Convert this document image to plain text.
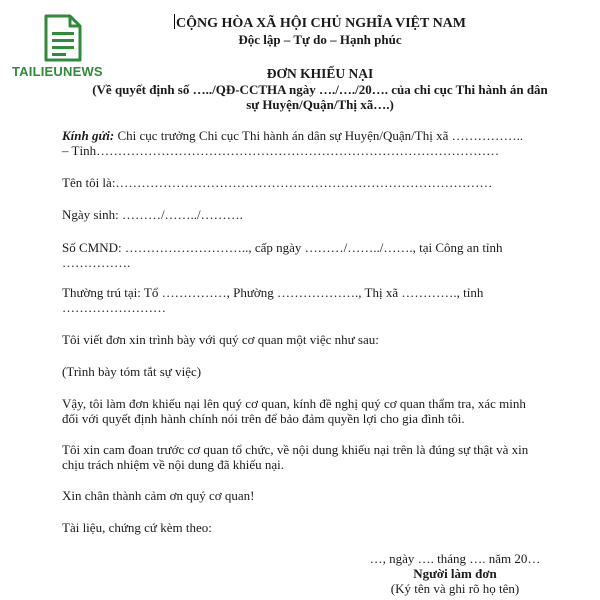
TAILIEUNEWS
CỘNG HÒA XÃ HỘI CHỦ NGHĨA VIỆT NAM
Độc lập – Tự do – Hạnh phúc
ĐƠN KHIẾU NẠI
(Về quyết định số …../QĐ-CCTHA ngày …./…./20…. của chi cục Thi hành án dân
sự Huyện/Quận/Thị xã….)
Kính gửi: Chi cục trưởng Chi cục Thi hành án dân sự Huyện/Quận/Thị xã ……………..
– Tỉnh…………………………………………………………………………………
Tên tôi là:……………………………………………………………………………
Ngày sinh: ………/……../……….
Số CMND: ……………………….., cấp ngày ………/……../……., tại Công an tỉnh
…………….
Thường trú tại: Tổ ……………, Phường ………………., Thị xã …………., tỉnh
……………………
Tôi viết đơn xin trình bày với quý cơ quan một việc như sau:
(Trình bày tóm tắt sự việc)
Vậy, tôi làm đơn khiếu nại lên quý cơ quan, kính đề nghị quý cơ quan thẩm tra, xác minh
đối với quyết định hành chính nói trên để bảo đảm quyền lợi cho gia đình tôi.
Tôi xin cam đoan trước cơ quan tổ chức, về nội dung khiếu nại trên là đúng sự thật và xin
chịu trách nhiệm về nội dung đã khiếu nại.
Xin chân thành cảm ơn quý cơ quan!
Tài liệu, chứng cứ kèm theo:
…, ngày …. tháng …. năm 20…
Người làm đơn
(Ký tên và ghi rõ họ tên)
